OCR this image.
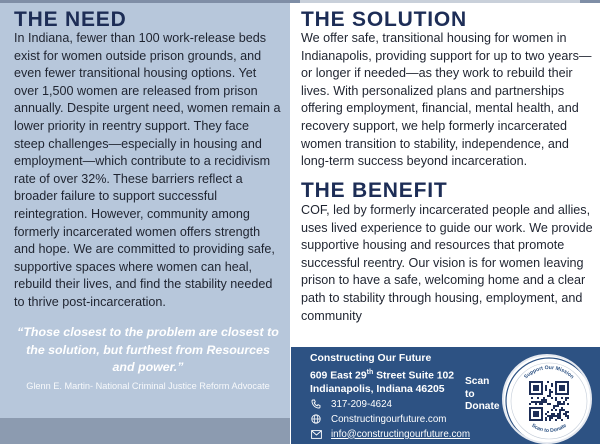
THE NEED
In Indiana, fewer than 100 work-release beds exist for women outside prison grounds, and even fewer transitional housing options. Yet over 1,500 women are released from prison annually. Despite urgent need, women remain a lower priority in reentry support. They face steep challenges—especially in housing and employment—which contribute to a recidivism rate of over 32%. These barriers reflect a broader failure to support successful reintegration. However, community among formerly incarcerated women offers strength and hope. We are committed to providing safe, supportive spaces where women can heal, rebuild their lives, and find the stability needed to thrive post-incarceration.
“Those closest to the problem are closest to the solution, but furthest from Resources and power.”
Glenn E. Martin- National Criminal Justice Reform Advocate
THE SOLUTION
We offer safe, transitional housing for women in Indianapolis, providing support for up to two years—or longer if needed—as they work to rebuild their lives. With personalized plans and partnerships offering employment, financial, mental health, and recovery support, we help formerly incarcerated women transition to stability, independence, and long-term success beyond incarceration.
THE BENEFIT
COF, led by formerly incarcerated people and allies, uses lived experience to guide our work. We provide supportive housing and resources that promote successful reentry. Our vision is for women leaving prison to have a safe, welcoming home and a clear path to stability through housing, employment, and community
Constructing Our Future
609 East 29th Street Suite 102
Indianapolis, Indiana 46205
317-209-4624
Constructingourfuture.com
info@constructingourfuture.com
Scan
to
Donate
Support Our Mission
Scan to Donate
